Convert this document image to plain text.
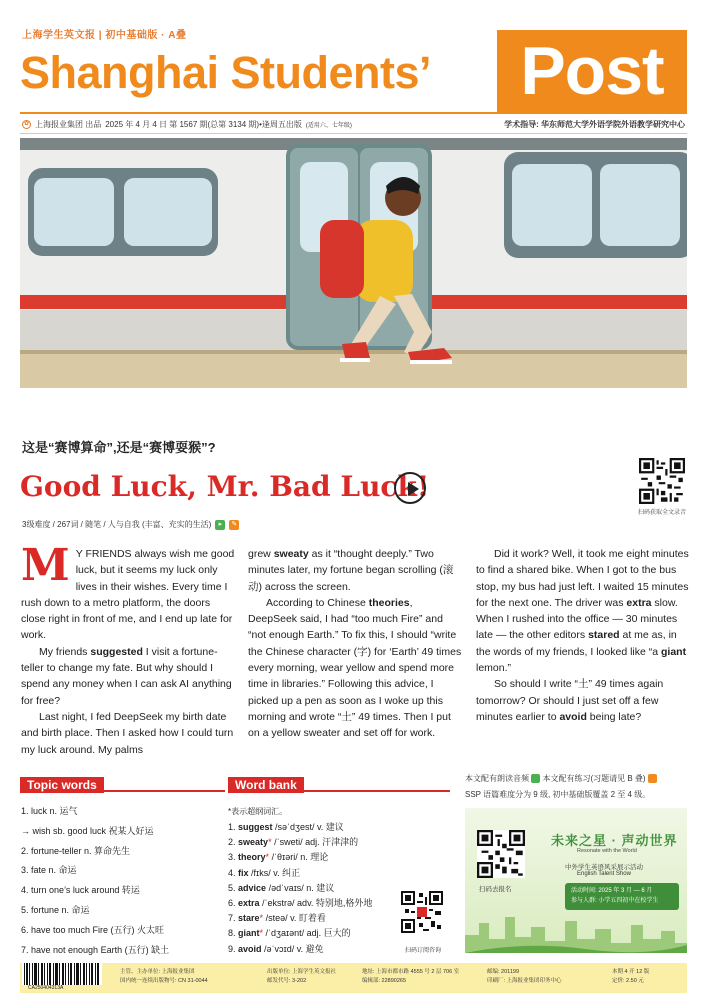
上海学生英文报 | 初中基础版 · A叠
Shanghai Students’	Post
✿ 上海报业集团 出品 2025 年 4 月 4 日 第 1567 期(总第 3134 期)•逢周五出版 (适用六、七年级)	学术指导: 华东师范大学外语学院外语教学研究中心
这是“赛博算命”,还是“赛博耍猴”?
Good Luck, Mr. Bad Luck!
扫码获取全文录音
3级难度 / 267词 / 随笔 / 人与自我 (丰富、充实的生活)	▸	✎

M Y FRIENDS always wish me good luck, but it seems my luck only lives in their wishes. Every time I rush down to a metro platform, the doors close right in front of me, and I end up late for work.

My friends suggested I visit a fortune-teller to change my fate. But why should I spend any money when I can ask AI anything for free?

Last night, I fed DeepSeek my birth date and birth place. Then I asked how I could turn my luck around. My palms

grew sweaty as it “thought deeply.” Two minutes later, my fortune began scrolling (滚动) across the screen.

According to Chinese theories, DeepSeek said, I had “too much Fire” and “not enough Earth.” To fix this, I should “write the Chinese character (字) for ‘Earth’ 49 times every morning, wear yellow and spend more time in libraries.” Following this advice, I picked up a pen as soon as I woke up this morning and wrote “土” 49 times. Then I put on a yellow sweater and set off for work.

Did it work? Well, it took me eight minutes to find a shared bike. When I got to the bus stop, my bus had just left. I waited 15 minutes for the next one. The driver was extra slow. When I rushed into the office — 30 minutes late — the other editors stared at me as, in the words of my friends, I looked like “a giant lemon.”

So should I write “土” 49 times again tomorrow? Or should I just set off a few minutes earlier to avoid being late?

Topic words
1. luck n. 运气
→ wish sb. good luck 祝某人好运
2. fortune-teller n. 算命先生
3. fate n. 命运
4. turn one’s luck around 转运
5. fortune n. 命运
6. have too much Fire (五行) 火太旺
7. have not enough Earth (五行) 缺土
Word bank
*表示超纲词汇。
1. suggest /səˈdʒest/ v. 建议
2. sweaty* /ˈsweti/ adj. 汗津津的
3. theory* /ˈθɪəri/ n. 理论
4. fix /fɪks/ v. 纠正
5. advice /ədˈvaɪs/ n. 建议
6. extra /ˈekstrə/ adv. 特别地,格外地
7. stare* /steə/ v. 盯着看
8. giant* /ˈdʒaɪənt/ adj. 巨大的
9. avoid /əˈvɔɪd/ v. 避免	扫码订阅咨询
本文配有朗读音频 本文配有练习(习题请见 B 叠)
SSP 语篇难度分为 9 级, 初中基础版覆盖 2 至 4 级。
扫码去报名
未来之星 · 声动世界
Resonate with the World
中外学生英语风采展示活动
English Talent Show
活动时间: 2025 年 3 月 — 6 月
参与人群: 小学五四初中在校学生
主管、主办单位: 上海报业集团
国内统一连续出版物号: CN 31-0044
出版单位: 上海学生英文报社
邮发代号: 3-202
地址: 上海市都市路 4555 号 2 层 706 室
编辑部: 22890265
邮编: 201199
印刷厂: 上海报业集团印务中心
本期 4 开 12 版
定价: 2.50 元
CA250404313A
